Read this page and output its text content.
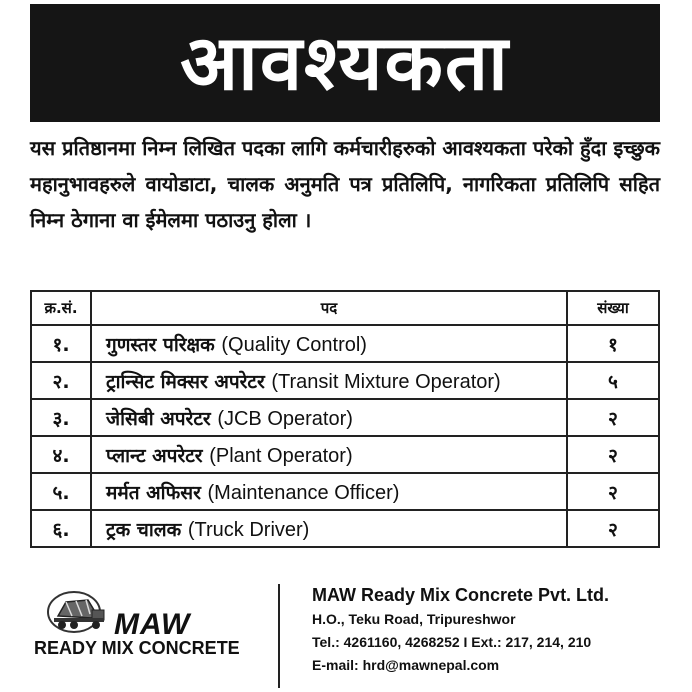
आवश्यकता

यस प्रतिष्ठानमा निम्न लिखित पदका लागि कर्मचारीहरुको आवश्यकता परेको हुँदा इच्छुक महानुभावहरुले वायोडाटा, चालक अनुमति पत्र प्रतिलिपि, नागरिकता प्रतिलिपि सहित निम्न ठेगाना वा ईमेलमा पठाउनु होला ।

क्र.सं.	पद	संख्या
१.	गुणस्तर परिक्षक (Quality Control)	१
२.	ट्रान्सिट मिक्सर अपरेटर (Transit Mixture Operator)	५
३.	जेसिबी अपरेटर (JCB Operator)	२
४.	प्लान्ट अपरेटर (Plant Operator)	२
५.	मर्मत अफिसर (Maintenance Officer)	२
६.	ट्रक चालक (Truck Driver)	२
MAW
READY MIX CONCRETE
MAW Ready Mix Concrete Pvt. Ltd.
H.O., Teku Road, Tripureshwor
Tel.: 4261160, 4268252 I Ext.: 217, 214, 210
E-mail: hrd@mawnepal.com
